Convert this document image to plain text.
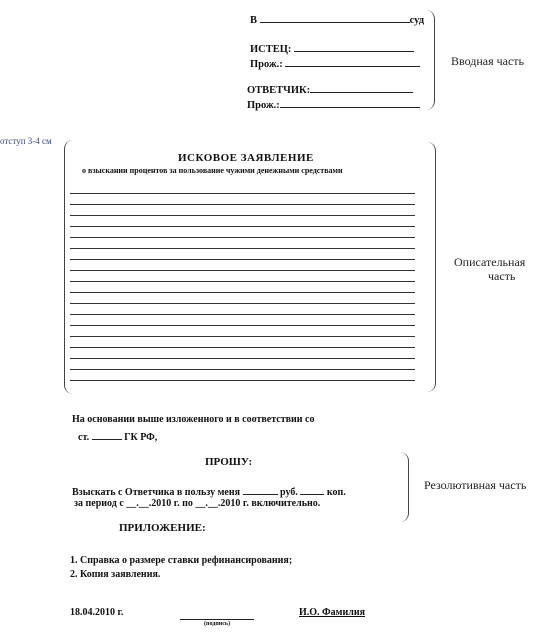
В	суд
ИСТЕЦ:
Прож.:
ОТВЕТЧИК:
Прож.:
Вводная часть
отступ 3-4 см
ИСКОВОЕ ЗАЯВЛЕНИЕ
о взыскании процентов за пользование чужими денежными средствами
Описательная
часть
На основании выше изложенного и в соответствии со
ст.	ГК РФ,
ПРОШУ:
Взыскать с Ответчика в пользу меня	руб.	коп.
за период с __.__.2010 г. по __.__.2010 г. включительно.
Резолютивная часть
ПРИЛОЖЕНИЕ:
1. Справка о размере ставки рефинансирования;
2. Копия заявления.
18.04.2010 г.
(подпись)
И.О. Фамилия
